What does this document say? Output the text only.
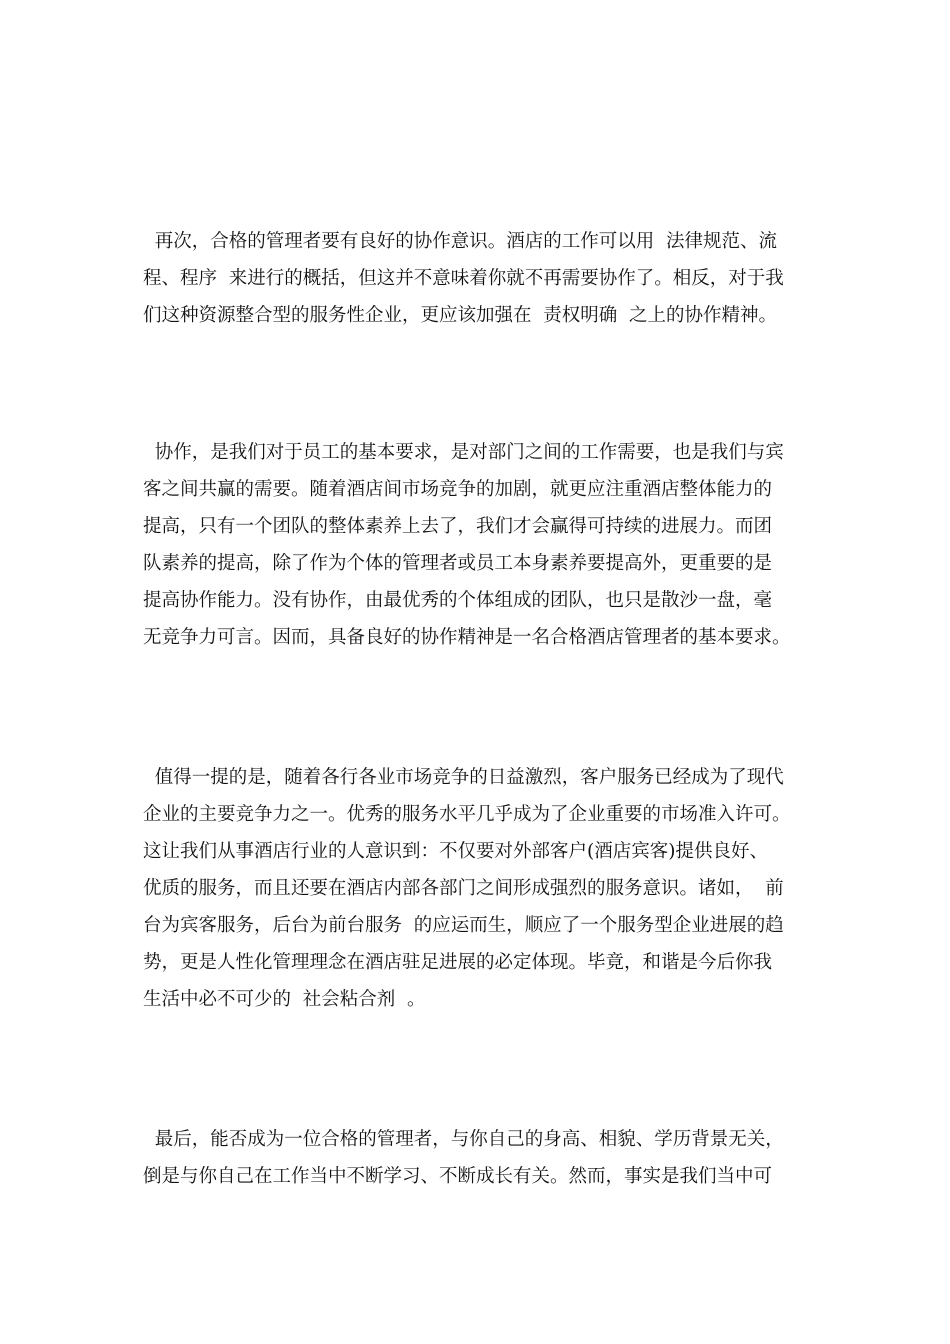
再次，合格的管理者要有良好的协作意识。酒店的工作可以用  法律规范、流
程、程序  来进行的概括，但这并不意味着你就不再需要协作了。相反，对于我
们这种资源整合型的服务性企业，更应该加强在  责权明确  之上的协作精神。
协作，是我们对于员工的基本要求，是对部门之间的工作需要，也是我们与宾
客之间共赢的需要。随着酒店间市场竞争的加剧，就更应注重酒店整体能力的
提高，只有一个团队的整体素养上去了，我们才会赢得可持续的进展力。而团
队素养的提高，除了作为个体的管理者或员工本身素养要提高外，更重要的是
提高协作能力。没有协作，由最优秀的个体组成的团队，也只是散沙一盘，毫
无竞争力可言。因而，具备良好的协作精神是一名合格酒店管理者的基本要求。
值得一提的是，随着各行各业市场竞争的日益激烈，客户服务已经成为了现代
企业的主要竞争力之一。优秀的服务水平几乎成为了企业重要的市场准入许可。
这让我们从事酒店行业的人意识到：不仅要对外部客户(酒店宾客)提供良好、
优质的服务，而且还要在酒店内部各部门之间形成强烈的服务意识。诸如，  前
台为宾客服务，后台为前台服务  的应运而生，顺应了一个服务型企业进展的趋
势，更是人性化管理理念在酒店驻足进展的必定体现。毕竟，和谐是今后你我
生活中必不可少的  社会粘合剂  。
最后，能否成为一位合格的管理者，与你自己的身高、相貌、学历背景无关，
倒是与你自己在工作当中不断学习、不断成长有关。然而，事实是我们当中可
